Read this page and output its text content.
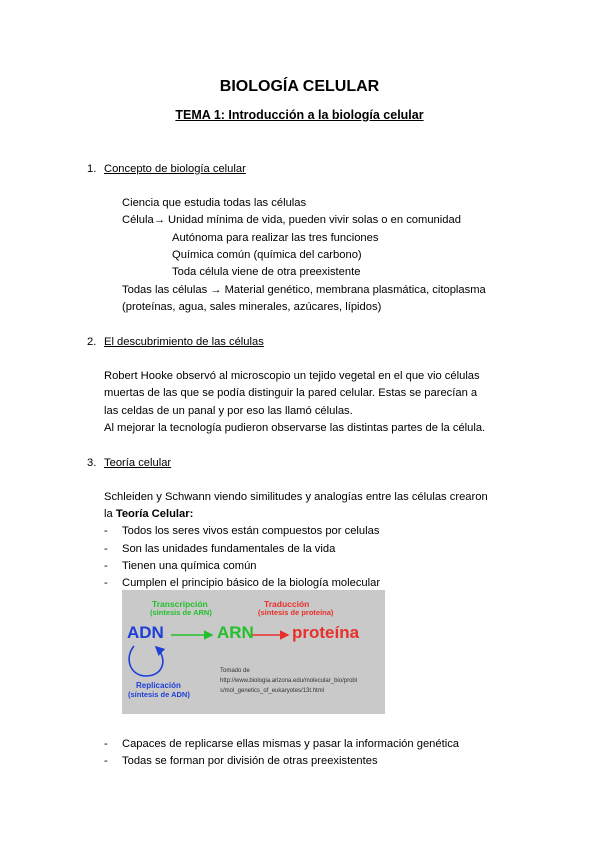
BIOLOGÍA CELULAR
TEMA 1: Introducción a la biología celular
1. Concepto de biología celular
Ciencia que estudia todas las células
Célula→ Unidad mínima de vida, pueden vivir solas o en comunidad
Autónoma para realizar las tres funciones
Química común (química del carbono)
Toda célula viene de otra preexistente
Todas las células → Material genético, membrana plasmática, citoplasma
(proteínas, agua, sales minerales, azúcares, lípidos)
2. El descubrimiento de las células
Robert Hooke observó al microscopio un tejido vegetal en el que vio células
muertas de las que se podía distinguir la pared celular. Estas se parecían a
las celdas de un panal y por eso las llamó células.
Al mejorar la tecnología pudieron observarse las distintas partes de la célula.
3. Teoría celular
Schleiden y Schwann viendo similitudes y analogías entre las células crearon
la Teoría Celular:
- Todos los seres vivos están compuestos por celulas
- Son las unidades fundamentales de la vida
- Tienen una química común
- Cumplen el principio básico de la biología molecular
Transcripción
(síntesis de ARN)
Traducción
(síntesis de proteína)
ADN	ARN proteína
Replicación
(síntesis de ADN)
Tomado de
http://www.biologia.arizona.edu/molecular_bio/probl
s/mol_genetics_of_eukaryotes/13t.html
- Capaces de replicarse ellas mismas y pasar la información genética
- Todas se forman por división de otras preexistentes
